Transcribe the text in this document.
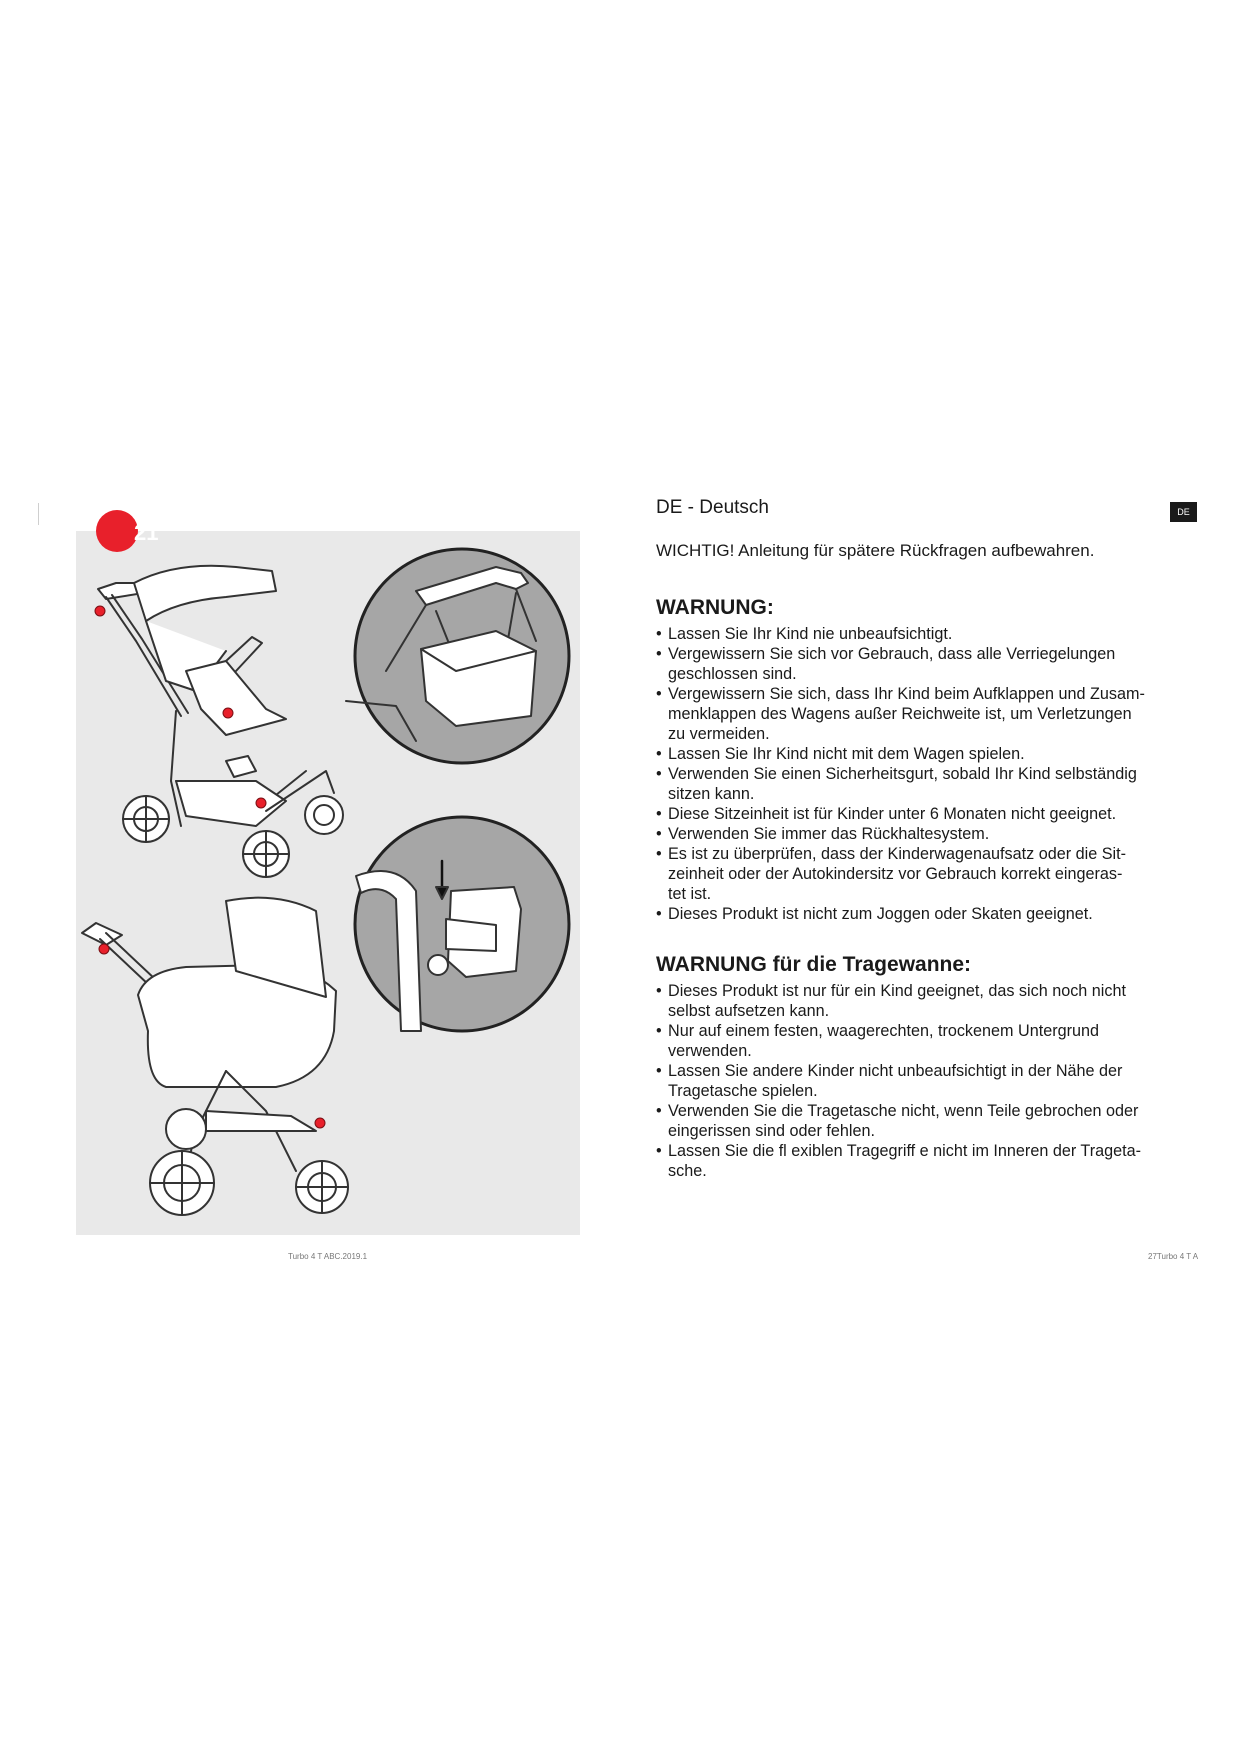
21
DE - Deutsch	DE
WICHTIG! Anleitung für spätere Rückfragen aufbewahren.
WARNUNG:
• Lassen Sie Ihr Kind nie unbeaufsichtigt.
• Vergewissern Sie sich vor Gebrauch, dass alle Verriegelungen
geschlossen sind.
• Vergewissern Sie sich, dass Ihr Kind beim Aufklappen und Zusam-
menklappen des Wagens außer Reichweite ist, um Verletzungen
zu vermeiden.
• Lassen Sie Ihr Kind nicht mit dem Wagen spielen.
• Verwenden Sie einen Sicherheitsgurt, sobald Ihr Kind selbständig
sitzen kann.
• Diese Sitzeinheit ist für Kinder unter 6 Monaten nicht geeignet.
• Verwenden Sie immer das Rückhaltesystem.
• Es ist zu überprüfen, dass der Kinderwagenaufsatz oder die Sit-
zeinheit oder der Autokindersitz vor Gebrauch korrekt eingeras-
tet ist.
• Dieses Produkt ist nicht zum Joggen oder Skaten geeignet.
WARNUNG für die Tragewanne:
• Dieses Produkt ist nur für ein Kind geeignet, das sich noch nicht
selbst aufsetzen kann.
• Nur auf einem festen, waagerechten, trockenem Untergrund
verwenden.
• Lassen Sie andere Kinder nicht unbeaufsichtigt in der Nähe der
Tragetasche spielen.
• Verwenden Sie die Tragetasche nicht, wenn Teile gebrochen oder
eingerissen sind oder fehlen.
• Lassen Sie die fl exiblen Tragegriff e nicht im Inneren der Trageta-
sche.
Turbo 4 T ABC.2019.1	27Turbo 4 T A
